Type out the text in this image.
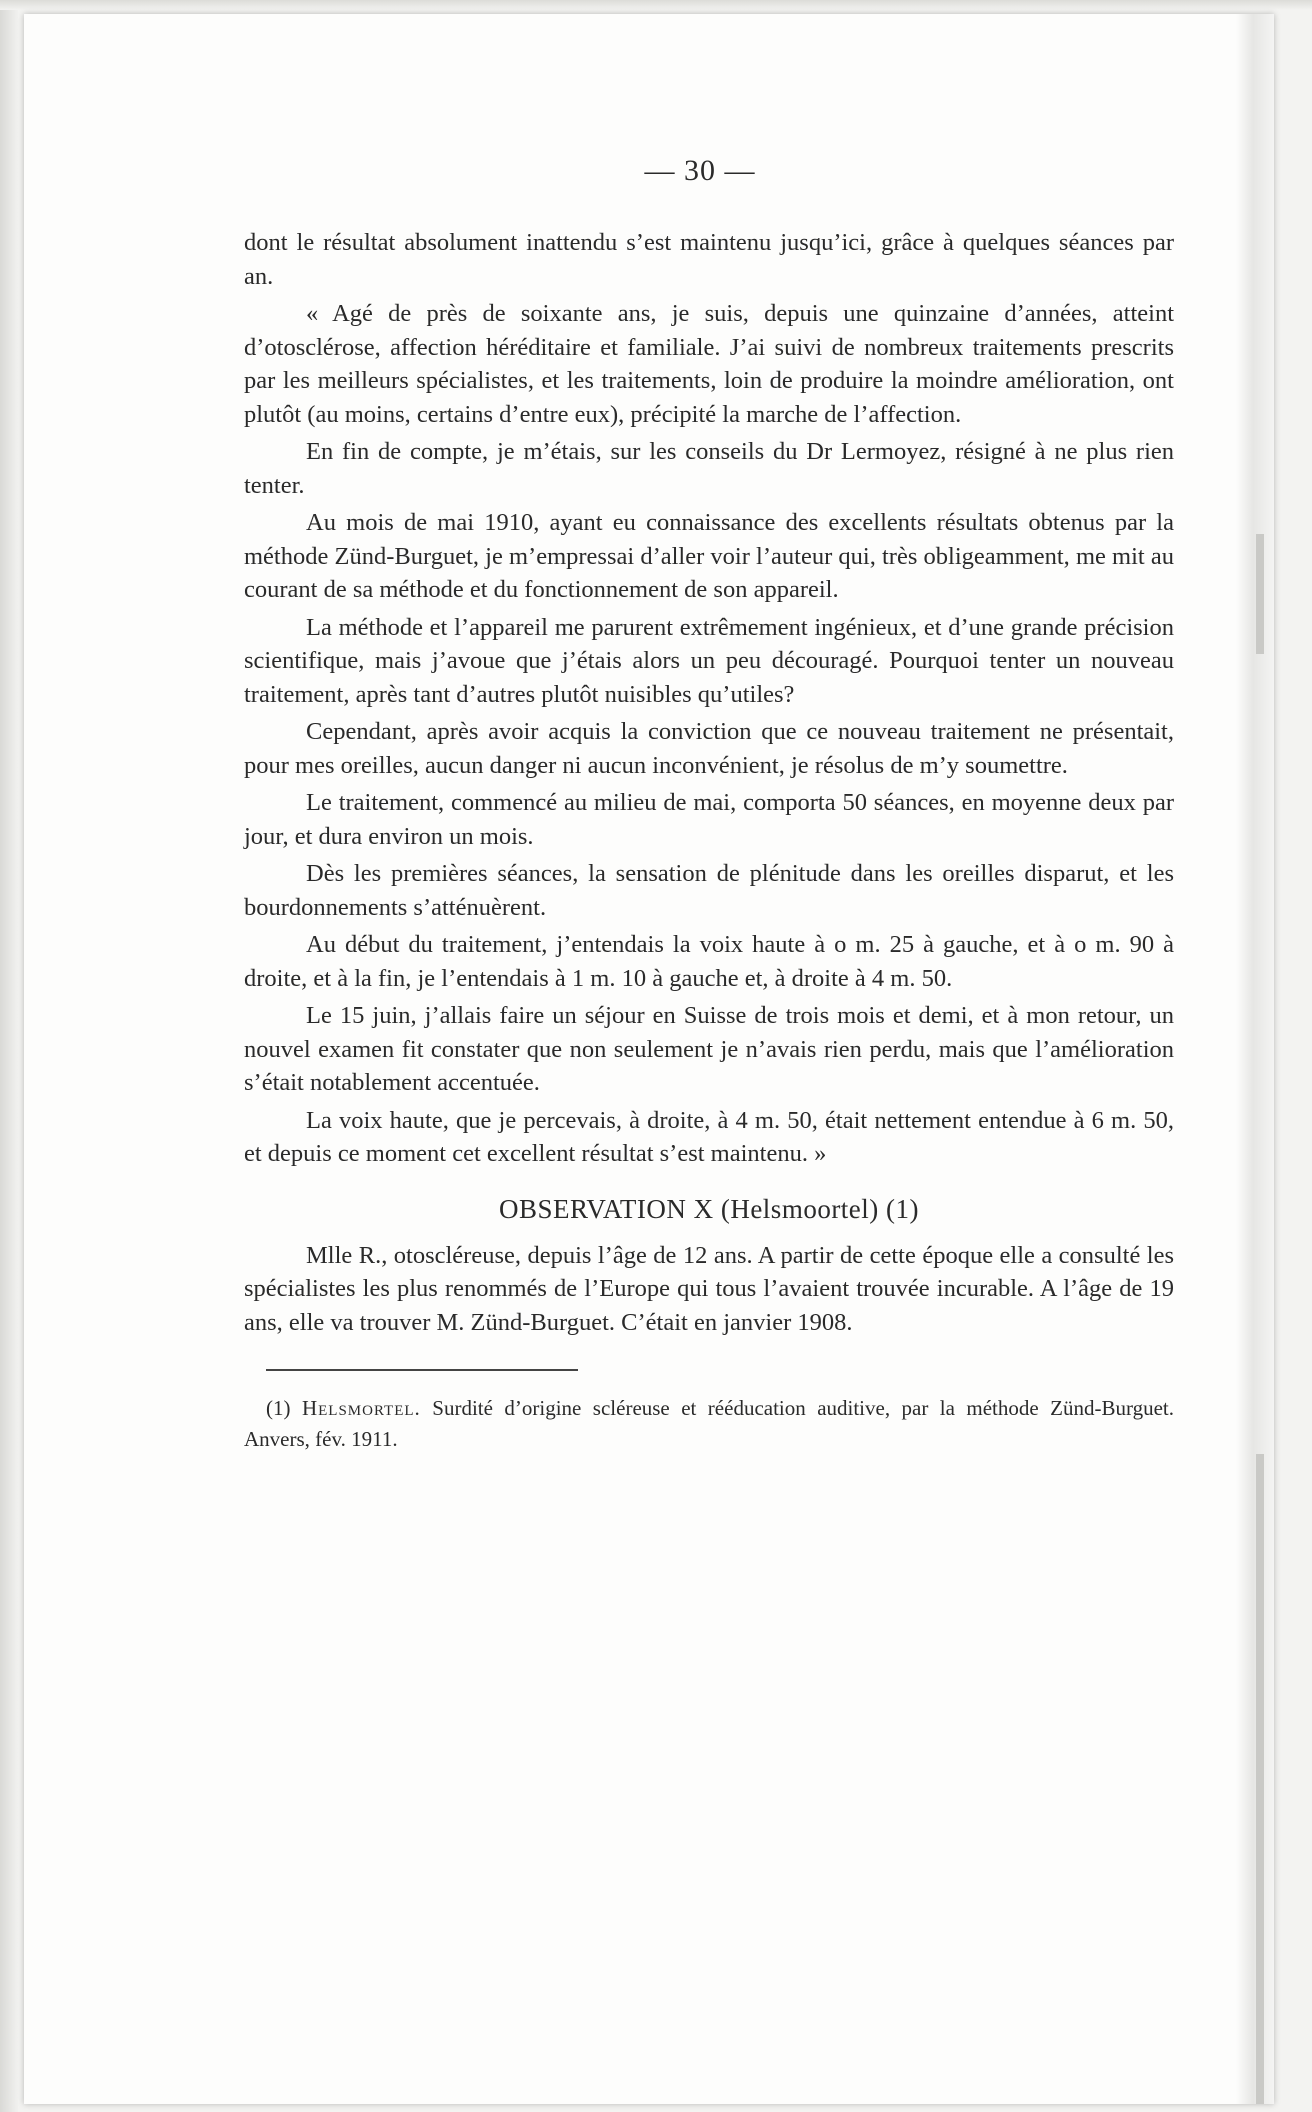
— 30 —

dont le résultat absolument inattendu s’est maintenu jusqu’ici, grâce à quelques séances par an.

« Agé de près de soixante ans, je suis, depuis une quinzaine d’années, atteint d’otosclérose, affection héréditaire et familiale. J’ai suivi de nombreux traitements prescrits par les meilleurs spécialistes, et les traitements, loin de produire la moindre amélioration, ont plutôt (au moins, certains d’entre eux), précipité la marche de l’affection.

En fin de compte, je m’étais, sur les conseils du Dr Lermoyez, résigné à ne plus rien tenter.

Au mois de mai 1910, ayant eu connaissance des excellents résultats obtenus par la méthode Zünd-Burguet, je m’empressai d’aller voir l’auteur qui, très obligeamment, me mit au courant de sa méthode et du fonctionnement de son appareil.

La méthode et l’appareil me parurent extrêmement ingénieux, et d’une grande précision scientifique, mais j’avoue que j’étais alors un peu découragé. Pourquoi tenter un nouveau traitement, après tant d’autres plutôt nuisibles qu’utiles?

Cependant, après avoir acquis la conviction que ce nouveau traitement ne présentait, pour mes oreilles, aucun danger ni aucun inconvénient, je résolus de m’y soumettre.

Le traitement, commencé au milieu de mai, comporta 50 séances, en moyenne deux par jour, et dura environ un mois.

Dès les premières séances, la sensation de plénitude dans les oreilles disparut, et les bourdonnements s’atténuèrent.

Au début du traitement, j’entendais la voix haute à o m. 25 à gauche, et à o m. 90 à droite, et à la fin, je l’entendais à 1 m. 10 à gauche et, à droite à 4 m. 50.

Le 15 juin, j’allais faire un séjour en Suisse de trois mois et demi, et à mon retour, un nouvel examen fit constater que non seulement je n’avais rien perdu, mais que l’amélioration s’était notablement accentuée.

La voix haute, que je percevais, à droite, à 4 m. 50, était nettement entendue à 6 m. 50, et depuis ce moment cet excellent résultat s’est maintenu. »

OBSERVATION X (Helsmoortel) (1)

Mlle R., otoscléreuse, depuis l’âge de 12 ans. A partir de cette époque elle a consulté les spécialistes les plus renommés de l’Europe qui tous l’avaient trouvée incurable. A l’âge de 19 ans, elle va trouver M. Zünd-Burguet. C’était en janvier 1908.

(1) Helsmortel. Surdité d’origine scléreuse et rééducation auditive, par la méthode Zünd-Burguet. Anvers, fév. 1911.
